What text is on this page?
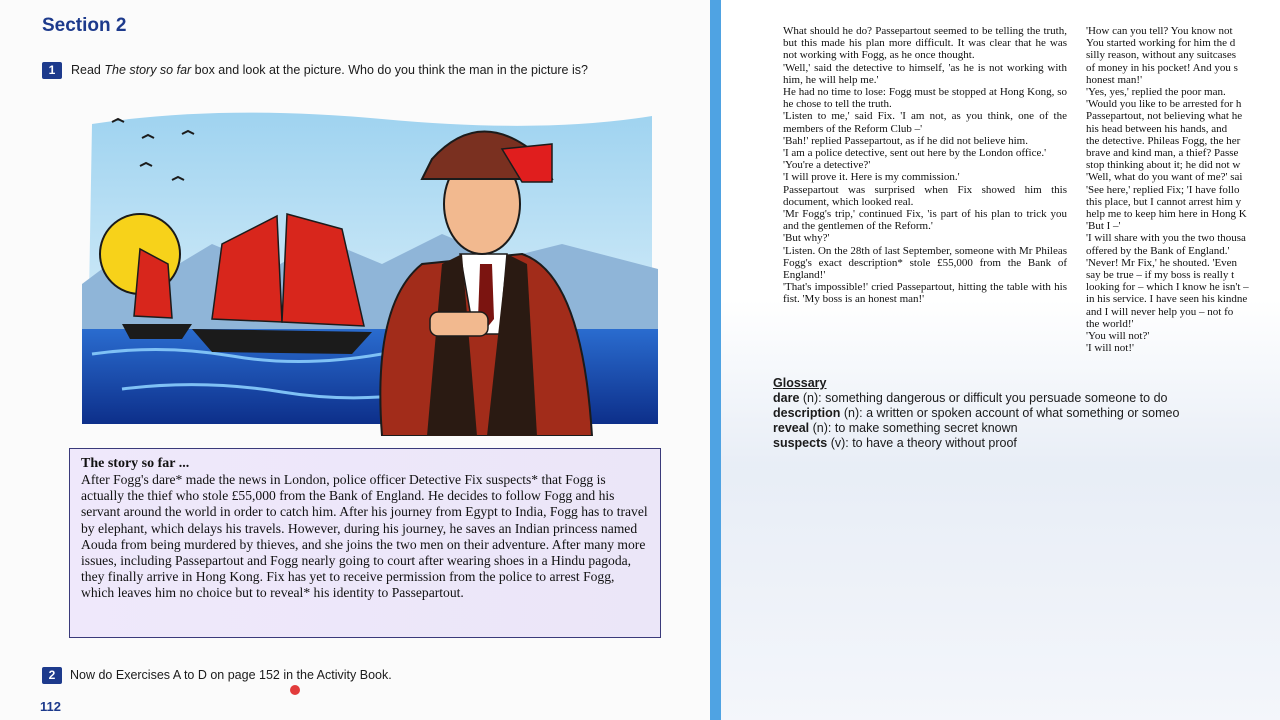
Section 2
1	Read The story so far box and look at the picture. Who do you think the man in the picture is?
The story so far ...
After Fogg's dare* made the news in London, police officer Detective Fix suspects* that Fogg is actually the thief who stole £55,000 from the Bank of England. He decides to follow Fogg and his servant around the world in order to catch him. After his journey from Egypt to India, Fogg has to travel by elephant, which delays his travels. However, during his journey, he saves an Indian princess named Aouda from being murdered by thieves, and she joins the two men on their adventure. After many more issues, including Passepartout and Fogg nearly going to court after wearing shoes in a Hindu pagoda, they finally arrive in Hong Kong. Fix has yet to receive permission from the police to arrest Fogg, which leaves him no choice but to reveal* his identity to Passepartout.
2	Now do Exercises A to D on page 152 in the Activity Book.
112

What should he do? Passepartout seemed to be telling the truth, but this made his plan more difficult. It was clear that he was not working with Fogg, as he once thought.

'Well,' said the detective to himself, 'as he is not working with him, he will help me.'

He had no time to lose: Fogg must be stopped at Hong Kong, so he chose to tell the truth.

'Listen to me,' said Fix. 'I am not, as you think, one of the members of the Reform Club –'

'Bah!' replied Passepartout, as if he did not believe him.

'I am a police detective, sent out here by the London office.'

'You're a detective?'

'I will prove it. Here is my commission.'

Passepartout was surprised when Fix showed him this document, which looked real.

'Mr Fogg's trip,' continued Fix, 'is part of his plan to trick you and the gentlemen of the Reform.'

'But why?'

'Listen. On the 28th of last September, someone with Mr Phileas Fogg's exact description* stole £55,000 from the Bank of England!'

'That's impossible!' cried Passepartout, hitting the table with his fist. 'My boss is an honest man!'

'How can you tell? You know not

You started working for him the d

silly reason, without any suitcases

of money in his pocket! And you s

honest man!'

'Yes, yes,' replied the poor man.

'Would you like to be arrested for h

Passepartout, not believing what he

his head between his hands, and

the detective. Phileas Fogg, the her

brave and kind man, a thief? Passe

stop thinking about it; he did not w

'Well, what do you want of me?' sai

'See here,' replied Fix; 'I have follo

this place, but I cannot arrest him y

help me to keep him here in Hong K

'But I –'

'I will share with you the two thousa

offered by the Bank of England.'

'Never! Mr Fix,' he shouted. 'Even

say be true – if my boss is really t

looking for – which I know he isn't –

in his service. I have seen his kindne

and I will never help you – not fo

the world!'

'You will not?'

'I will not!'

Glossary
dare (n): something dangerous or difficult you persuade someone to do
description (n): a written or spoken account of what something or someo
reveal (n): to make something secret known
suspects (v): to have a theory without proof
